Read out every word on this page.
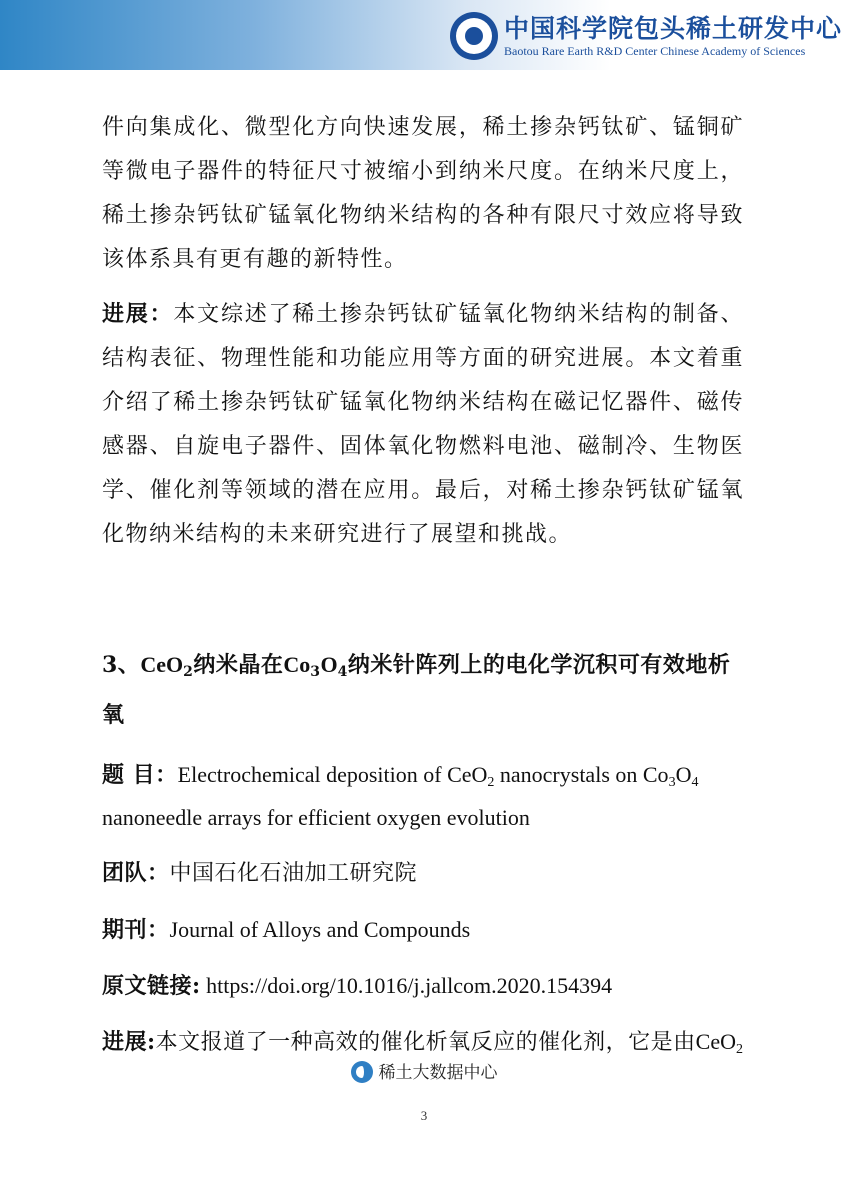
中国科学院包头稀土研发中心
Baotou Rare Earth R&D Center Chinese Academy of Sciences
件向集成化、微型化方向快速发展，稀土掺杂钙钛矿、锰铜矿等微电子器件的特征尺寸被缩小到纳米尺度。在纳米尺度上，稀土掺杂钙钛矿锰氧化物纳米结构的各种有限尺寸效应将导致该体系具有更有趣的新特性。
进展：本文综述了稀土掺杂钙钛矿锰氧化物纳米结构的制备、结构表征、物理性能和功能应用等方面的研究进展。本文着重介绍了稀土掺杂钙钛矿锰氧化物纳米结构在磁记忆器件、磁传感器、自旋电子器件、固体氧化物燃料电池、磁制冷、生物医学、催化剂等领域的潜在应用。最后，对稀土掺杂钙钛矿锰氧化物纳米结构的未来研究进行了展望和挑战。
3、CeO$_2$纳米晶在$Co_3O_4$纳米针阵列上的电化学沉积可有效地析
氧
题 目：Electrochemical deposition of CeO$_2$ nanocrystals on $Co_3O_4$
nanoneedle arrays for efficient oxygen evolution
团队：中国石化石油加工研究院
期刊：Journal of Alloys and Compounds
原文链接: https://doi.org/10.1016/j.jallcom.2020.154394
进展:本文报道了一种高效的催化析氧反应的催化剂，它是由CeO$_2$
稀土大数据中心
3
